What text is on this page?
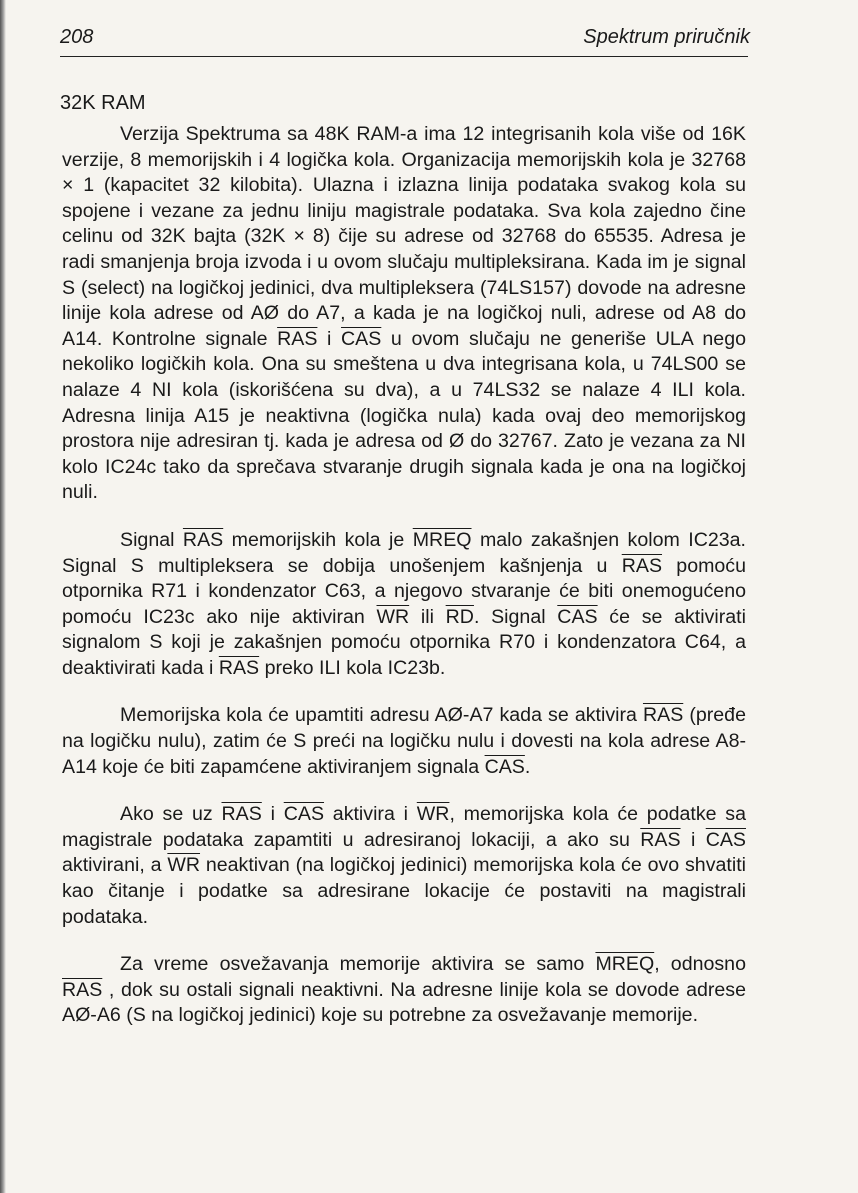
208	Spektrum priručnik
32K RAM

Verzija Spektruma sa 48K RAM-a ima 12 integrisanih kola više od 16K verzije, 8 memorijskih i 4 logička kola. Organizacija memorijskih kola je 32768 × 1 (kapacitet 32 kilobita). Ulazna i izlazna linija podataka svakog kola su spojene i vezane za jednu liniju magistrale podataka. Sva kola zajedno čine celinu od 32K bajta (32K × 8) čije su adrese od 32768 do 65535. Adresa je radi smanjenja broja izvoda i u ovom slučaju multipleksirana. Kada im je signal S (select) na logičkoj jedinici, dva multipleksera (74LS157) dovode na adresne linije kola adrese od AØ do A7, a kada je na logičkoj nuli, adrese od A8 do A14. Kontrolne signale $\overline{RAS}$ i $\overline{CAS}$ u ovom slučaju ne generiše ULA nego nekoliko logičkih kola. Ona su smeštena u dva integrisana kola, u 74LS00 se nalaze 4 NI kola (iskorišćena su dva), a u 74LS32 se nalaze 4 ILI kola. Adresna linija A15 je neaktivna (logička nula) kada ovaj deo memorijskog prostora nije adresiran tj. kada je adresa od Ø do 32767. Zato je vezana za NI kolo IC24c tako da sprečava stvaranje drugih signala kada je ona na logičkoj nuli.

Signal $\overline{RAS}$ memorijskih kola je MREQ malo zakašnjen kolom IC23a. Signal S multipleksera se dobija unošenjem kašnjenja u $\overline{RAS}$ pomoću otpornika R71 i kondenzator C63, a njegovo stvaranje će biti onemogućeno pomoću IC23c ako nije aktiviran $\overline{WR}$ ili $\overline{RD}$. Signal $\overline{CAS}$ će se aktivirati signalom S koji je zakašnjen pomoću otpornika R70 i kondenzatora C64, a deaktivirati kada i $\overline{RAS}$ preko ILI kola IC23b.

Memorijska kola će upamtiti adresu AØ-A7 kada se aktivira $\overline{RAS}$ (pređe na logičku nulu), zatim će S preći na logičku nulu i dovesti na kola adrese A8-A14 koje će biti zapamćene aktiviranjem signala $\overline{CAS}$.

Ako se uz $\overline{RAS}$ i $\overline{CAS}$ aktivira i $\overline{WR}$, memorijska kola će podatke sa magistrale podataka zapamtiti u adresiranoj lokaciji, a ako su $\overline{RAS}$ i $\overline{CAS}$ aktivirani, a $\overline{WR}$ neaktivan (na logičkoj jedinici) memorijska kola će ovo shvatiti kao čitanje i podatke sa adresirane lokacije će postaviti na magistrali podataka.

Za vreme osvežavanja memorije aktivira se samo MREQ, odnosno $\overline{RAS}$ , dok su ostali signali neaktivni. Na adresne linije kola se dovode adrese AØ-A6 (S na logičkoj jedinici) koje su potrebne za osvežavanje memorije.
